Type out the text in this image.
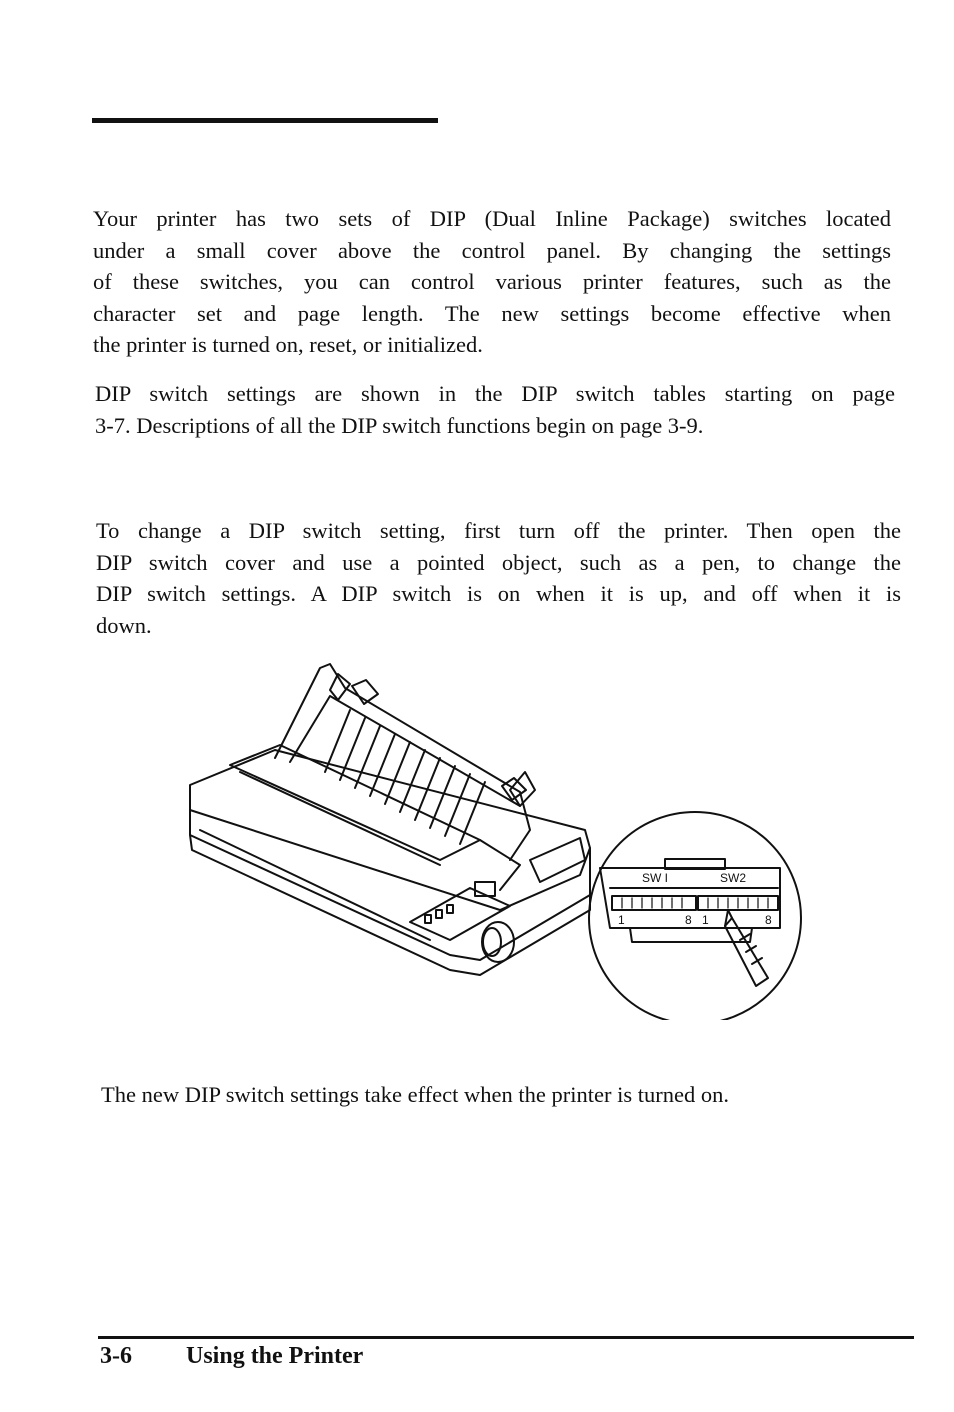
Your printer has two sets of DIP (Dual Inline Package) switches located
under a small cover above the control panel. By changing the settings
of these switches, you can control various printer features, such as the
character set and page length. The new settings become effective when
the printer is turned on, reset, or initialized.
DIP switch settings are shown in the DIP switch tables starting on page
3-7. Descriptions of all the DIP switch functions begin on page 3-9.
To change a DIP switch setting, first turn off the printer. Then open the
DIP switch cover and use a pointed object, such as a pen, to change the
DIP switch settings. A DIP switch is on when it is up, and off when it is
down.
SW I	SW2
1	8 1	8
The new DIP switch settings take effect when the printer is turned on.
3-6 Using the Printer
